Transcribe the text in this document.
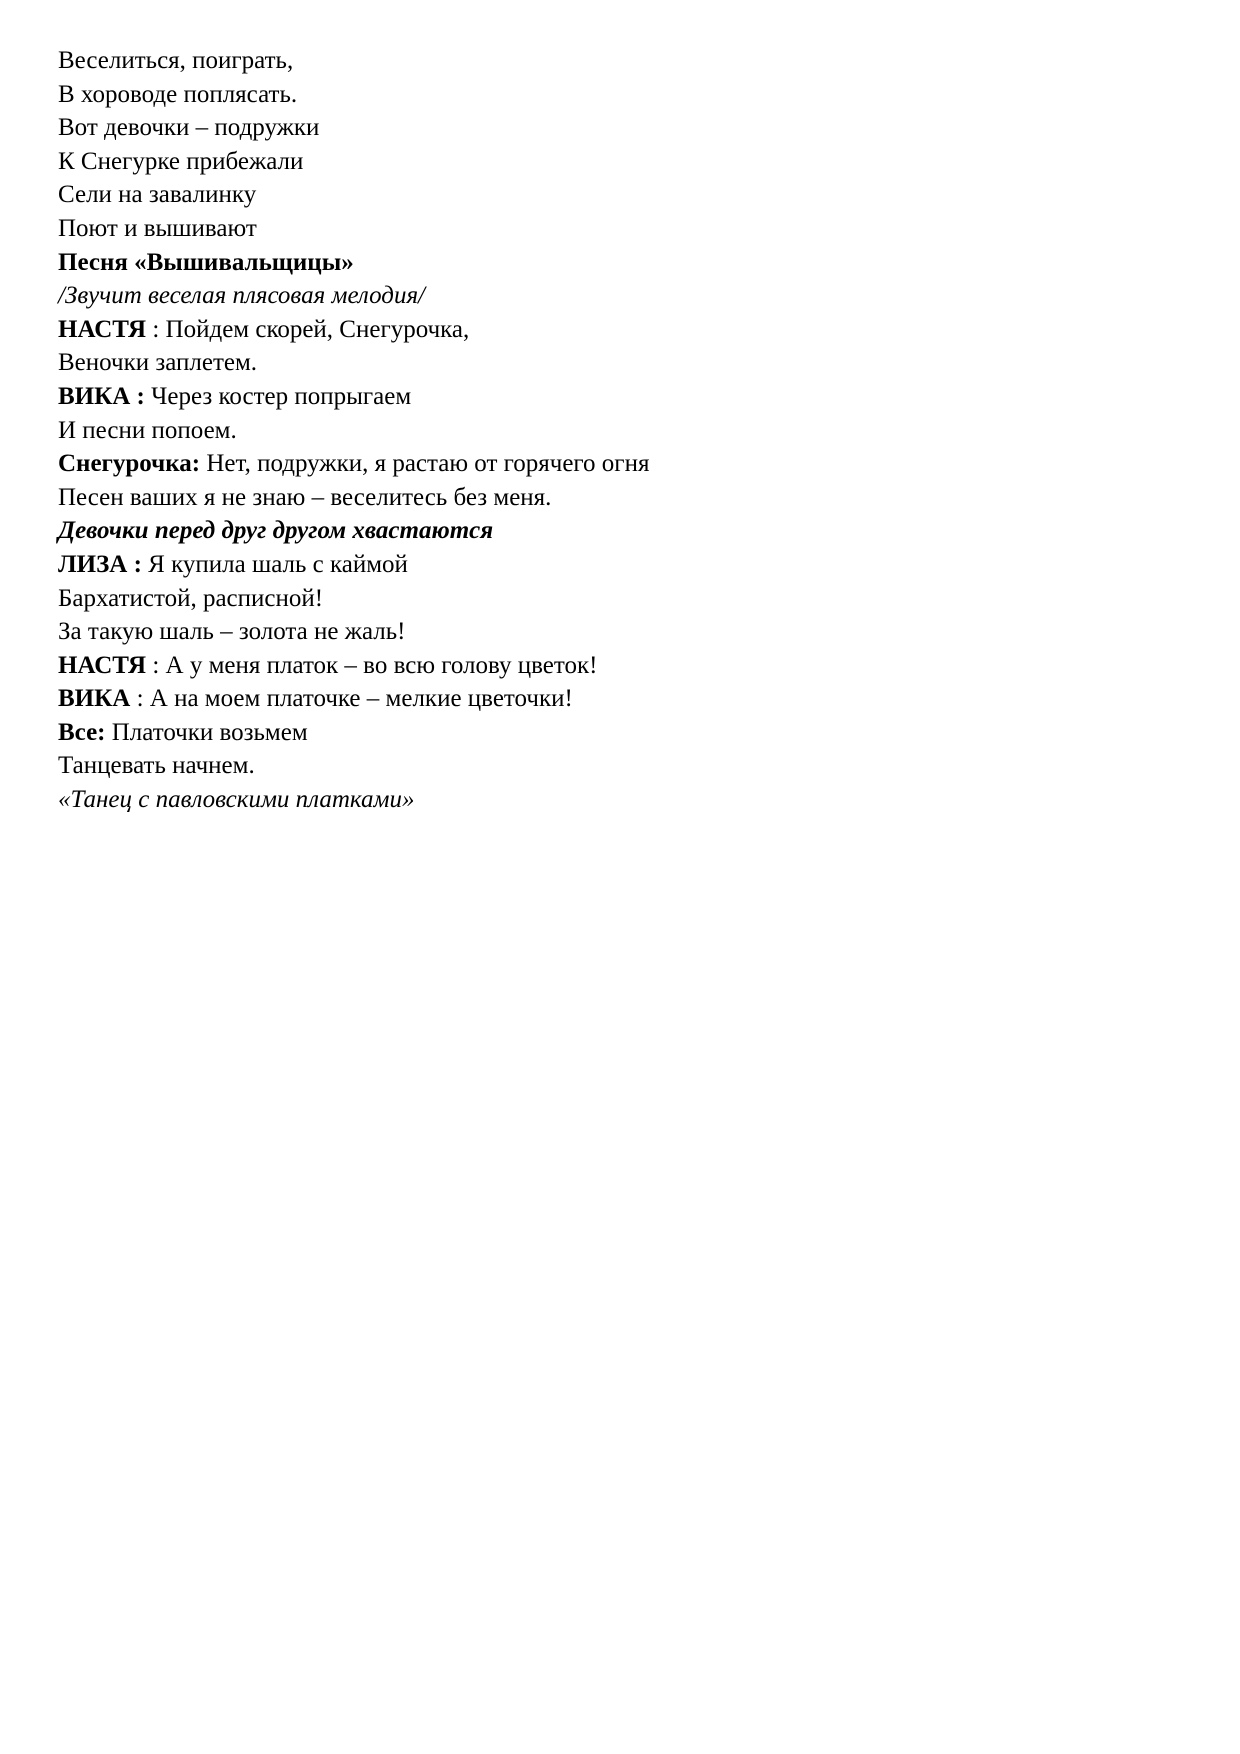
Веселиться, поиграть,
В хороводе поплясать.
Вот девочки – подружки
К Снегурке прибежали
Сели на завалинку
Поют и вышивают
Песня «Вышивальщицы»
/Звучит веселая плясовая мелодия/
НАСТЯ : Пойдем скорей, Снегурочка,
Веночки заплетем.
ВИКА : Через костер попрыгаем
И песни попоем.
Снегурочка: Нет, подружки, я растаю от горячего огня
Песен ваших я не знаю – веселитесь без меня.
Девочки перед друг другом хвастаются
ЛИЗА : Я купила шаль с каймой
Бархатистой, расписной!
За такую шаль – золота не жаль!
НАСТЯ : А у меня платок – во всю голову цветок!
ВИКА : А на моем платочке – мелкие цветочки!
Все: Платочки возьмем
Танцевать начнем.
«Танец с павловскими платками»
